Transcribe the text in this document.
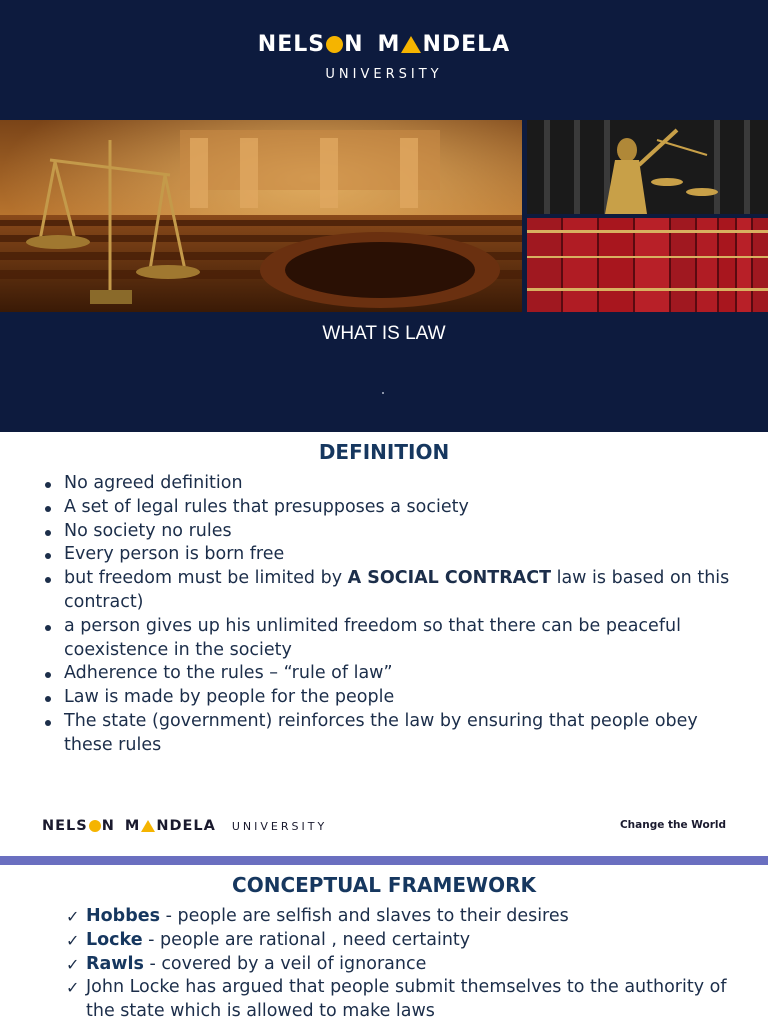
NELS N M NDELA
UNIVERSITY
WHAT IS LAW
DEFINITION
No agreed definition
A set of legal rules that presupposes a society
No society no rules
Every person is born free
but freedom must be limited by A SOCIAL CONTRACT law is based on this contract)
a person gives up his unlimited freedom so that there can be peaceful coexistence in the society
Adherence to the rules – “rule of law”
Law is made by people for the people
The state (government) reinforces the law by ensuring that people obey these rules
NELS N M NDELA UNIVERSITY	Change the World
CONCEPTUAL FRAMEWORK
✓ Hobbes - people are selfish and slaves to their desires
✓ Locke - people are rational , need certainty
✓ Rawls - covered by a veil of ignorance
✓ John Locke has argued that people submit themselves to the authority of the state which is allowed to make laws
